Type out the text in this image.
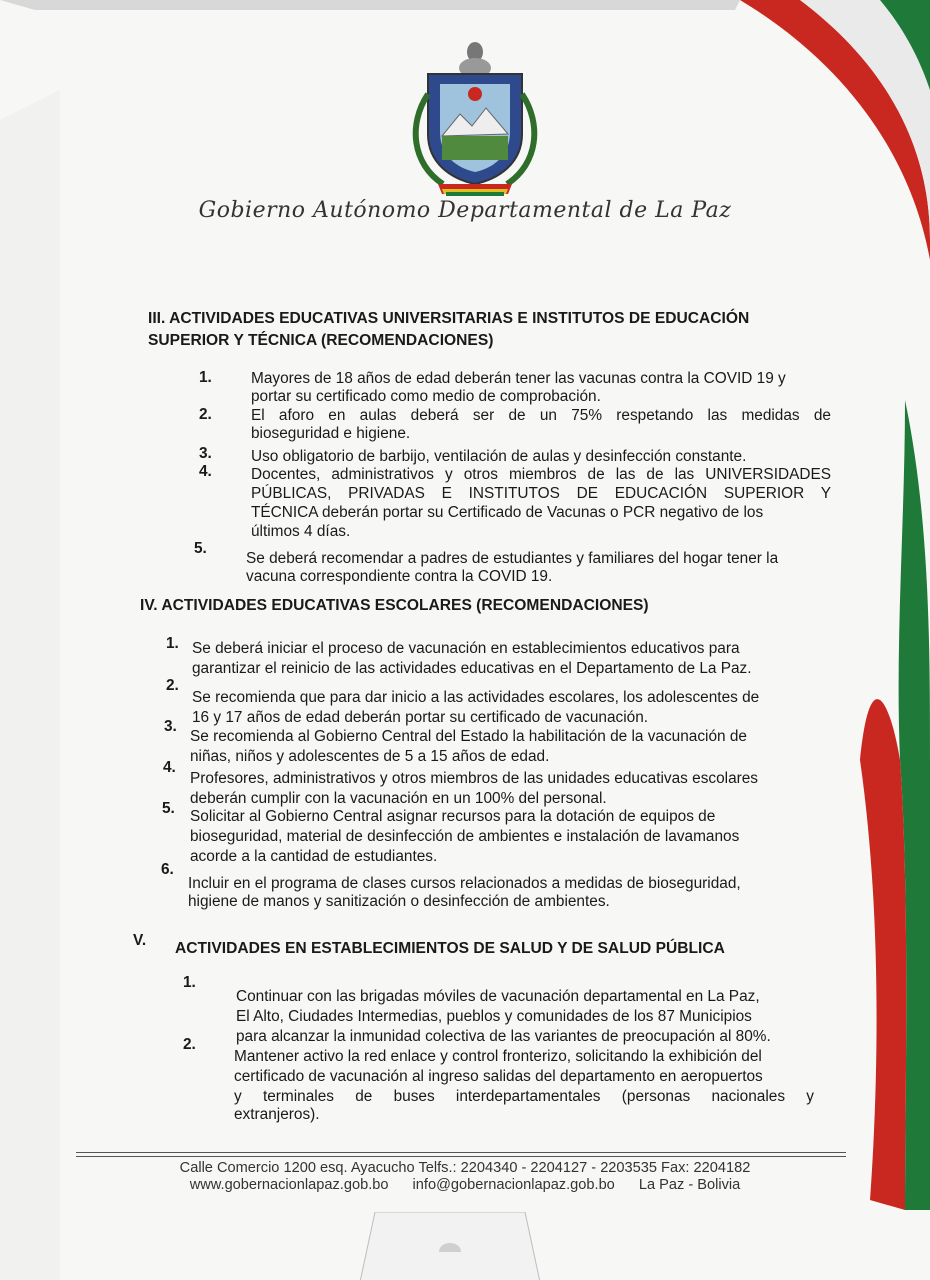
Gobierno Autónomo Departamental de La Paz
III. ACTIVIDADES EDUCATIVAS UNIVERSITARIAS E INSTITUTOS DE EDUCACIÓN
SUPERIOR Y TÉCNICA (RECOMENDACIONES)
1.	Mayores de 18 años de edad deberán tener las vacunas contra la COVID 19 y
portar su certificado como medio de comprobación.
2.	El aforo en aulas deberá ser de un 75% respetando las medidas de
bioseguridad e higiene.
3.	Uso obligatorio de barbijo, ventilación de aulas y desinfección constante.
4.	Docentes, administrativos y otros miembros de las de las UNIVERSIDADES
PÚBLICAS, PRIVADAS E INSTITUTOS DE EDUCACIÓN SUPERIOR Y
TÉCNICA deberán portar su Certificado de Vacunas o PCR negativo de los
últimos 4 días.
5.
Se deberá recomendar a padres de estudiantes y familiares del hogar tener la
vacuna correspondiente contra la COVID 19.
IV. ACTIVIDADES EDUCATIVAS ESCOLARES (RECOMENDACIONES)
1. Se deberá iniciar el proceso de vacunación en establecimientos educativos para
garantizar el reinicio de las actividades educativas en el Departamento de La Paz.
2.
Se recomienda que para dar inicio a las actividades escolares, los adolescentes de
16 y 17 años de edad deberán portar su certificado de vacunación.
3.
Se recomienda al Gobierno Central del Estado la habilitación de la vacunación de
niñas, niños y adolescentes de 5 a 15 años de edad.
4.
Profesores, administrativos y otros miembros de las unidades educativas escolares
deberán cumplir con la vacunación en un 100% del personal.
5. Solicitar al Gobierno Central asignar recursos para la dotación de equipos de
bioseguridad, material de desinfección de ambientes e instalación de lavamanos
acorde a la cantidad de estudiantes.
6.
Incluir en el programa de clases cursos relacionados a medidas de bioseguridad,
higiene de manos y sanitización o desinfección de ambientes.
V. ACTIVIDADES EN ESTABLECIMIENTOS DE SALUD Y DE SALUD PÚBLICA
1.
Continuar con las brigadas móviles de vacunación departamental en La Paz,
El Alto, Ciudades Intermedias, pueblos y comunidades de los 87 Municipios
para alcanzar la inmunidad colectiva de las variantes de preocupación al 80%.
2.
Mantener activo la red enlace y control fronterizo, solicitando la exhibición del
certificado de vacunación al ingreso salidas del departamento en aeropuertos
y terminales de buses interdepartamentales (personas nacionales y
extranjeros).
Calle Comercio 1200 esq. Ayacucho Telfs.: 2204340 - 2204127 - 2203535 Fax: 2204182
www.gobernacionlapaz.gob.bo info@gobernacionlapaz.gob.bo La Paz - Bolivia
